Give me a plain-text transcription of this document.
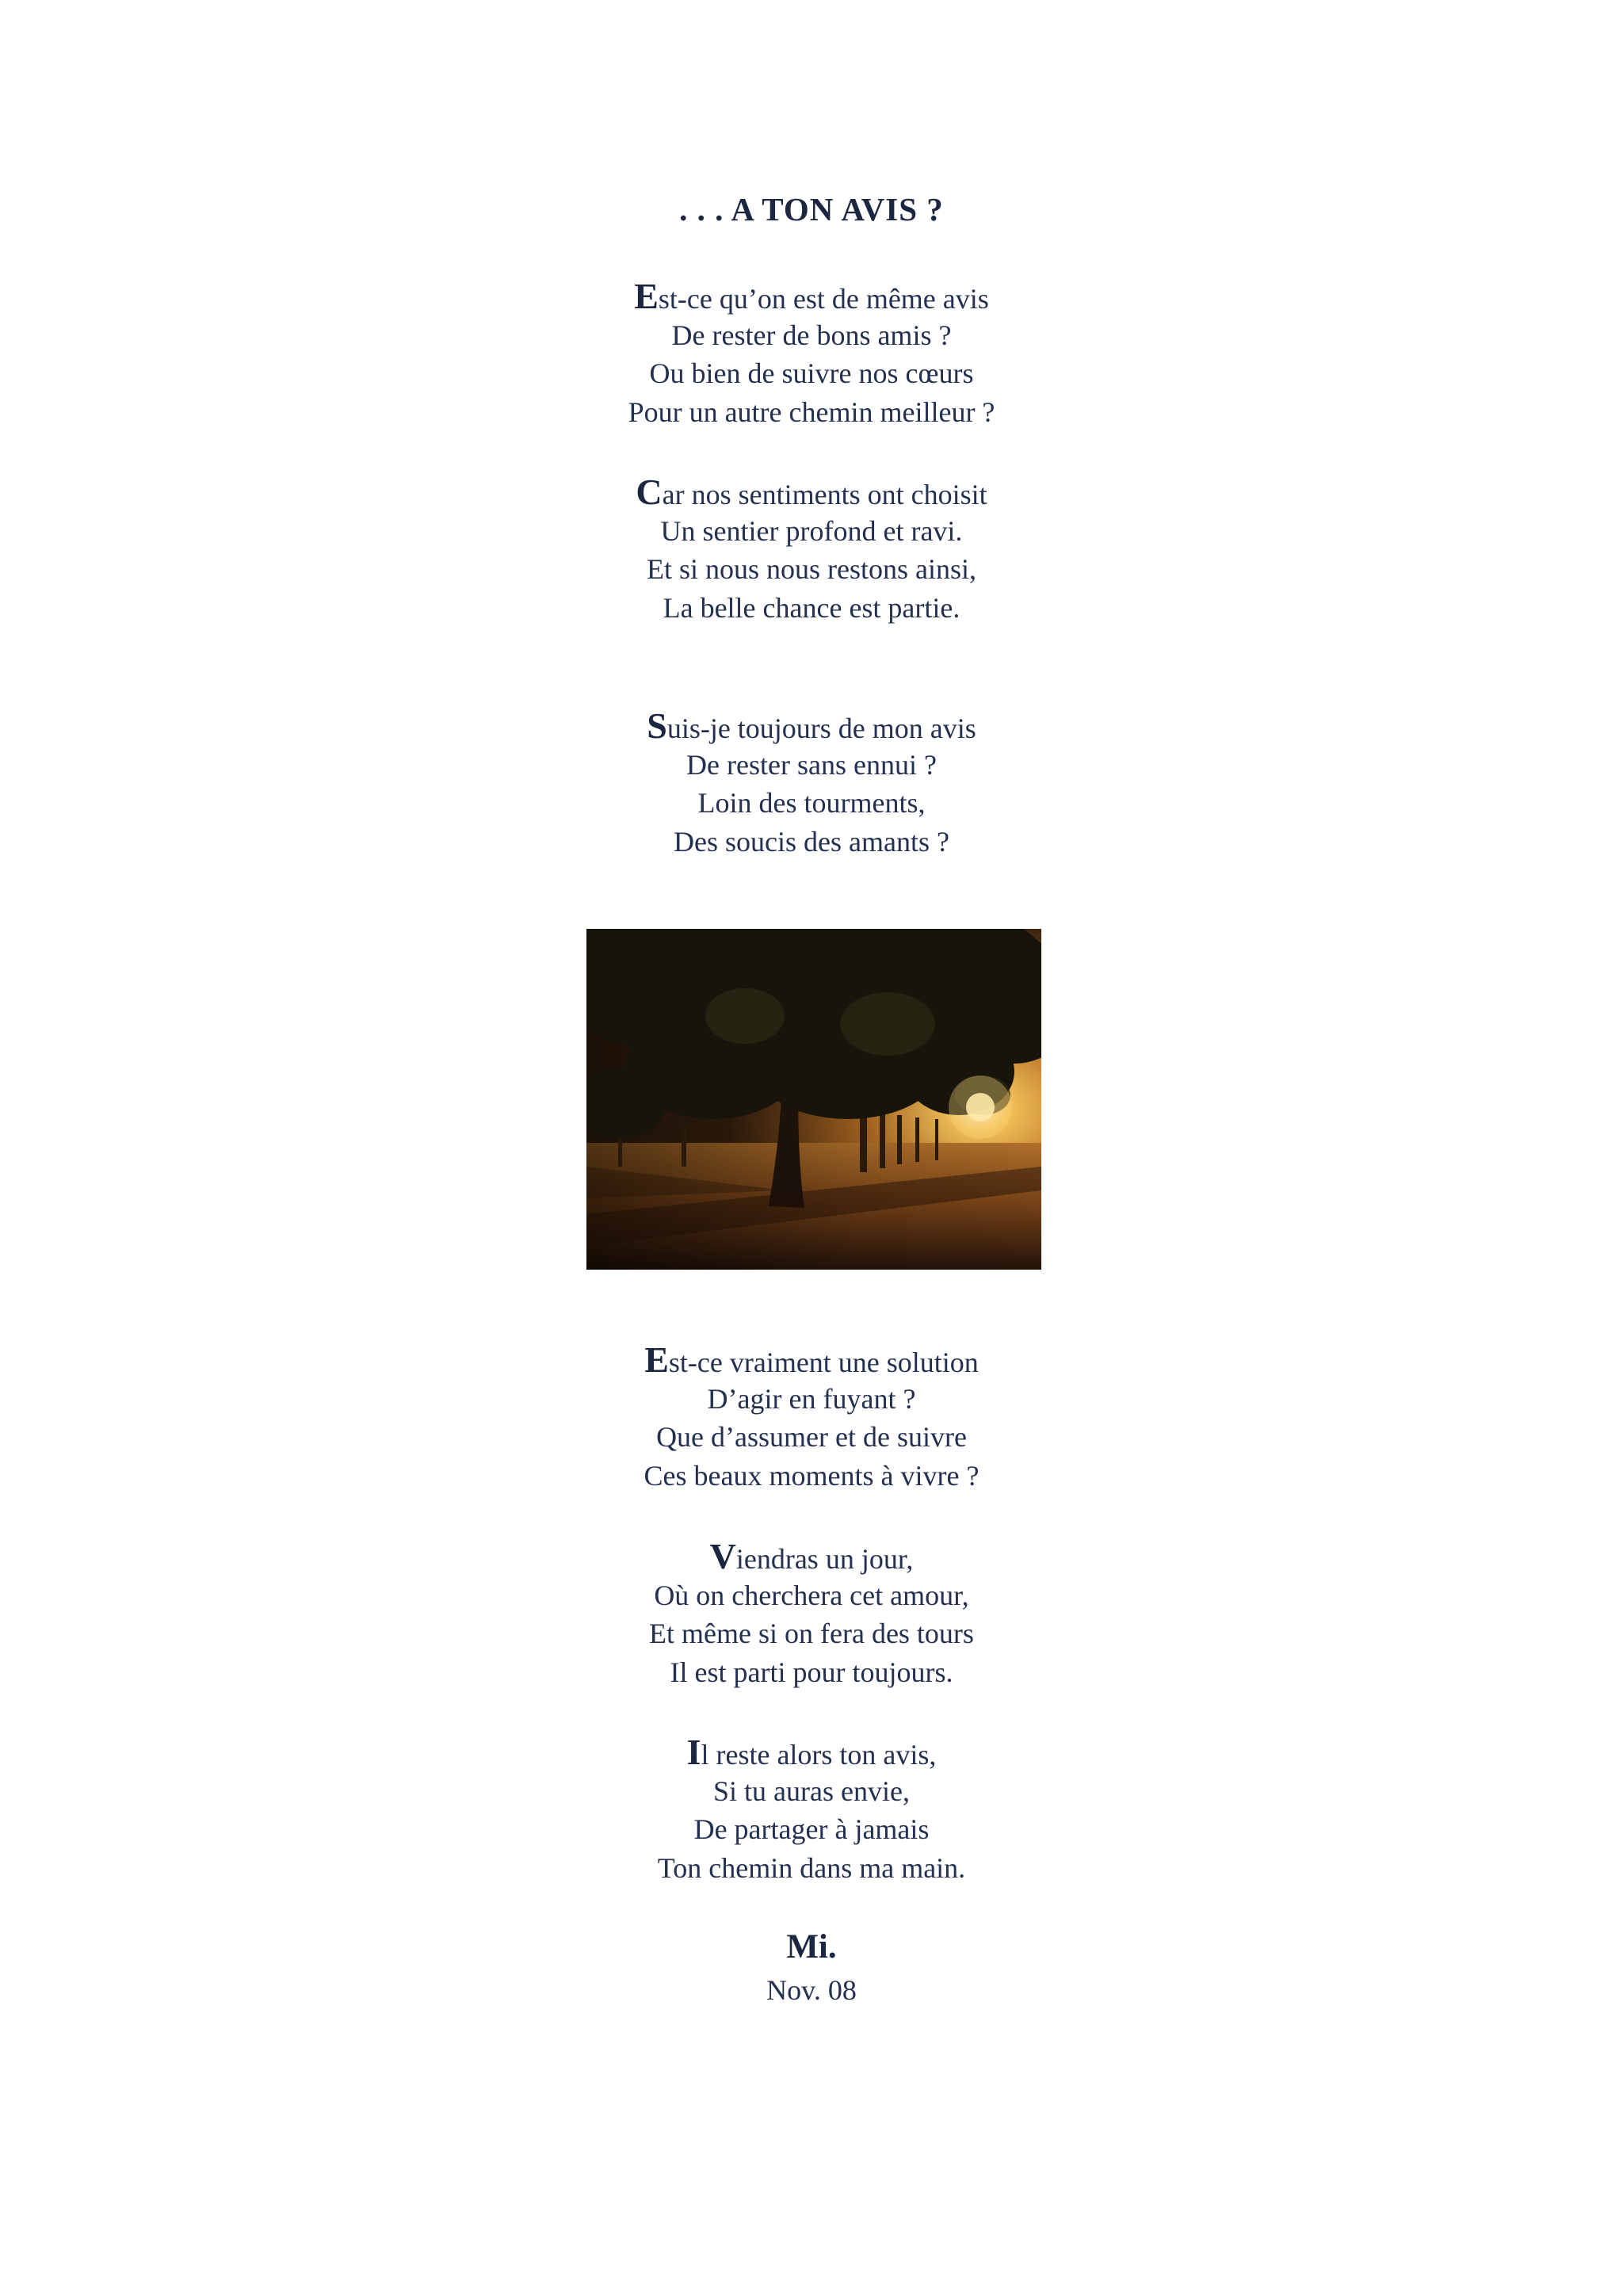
. . . A TON AVIS ?
Est-ce qu’on est de même avis
De rester de bons amis ?
Ou bien de suivre nos cœurs
Pour un autre chemin meilleur ?
Car nos sentiments ont choisit
Un sentier profond et ravi.
Et si nous nous restons ainsi,
La belle chance est partie.
Suis-je toujours de mon avis
De rester sans ennui ?
Loin des tourments,
Des soucis des amants ?
Est-ce vraiment une solution
D’agir en fuyant ?
Que d’assumer et de suivre
Ces beaux moments à vivre ?
Viendras un jour,
Où on cherchera cet amour,
Et même si on fera des tours
Il est parti pour toujours.
Il reste alors ton avis,
Si tu auras envie,
De partager à jamais
Ton chemin dans ma main.
Mi.
Nov. 08
